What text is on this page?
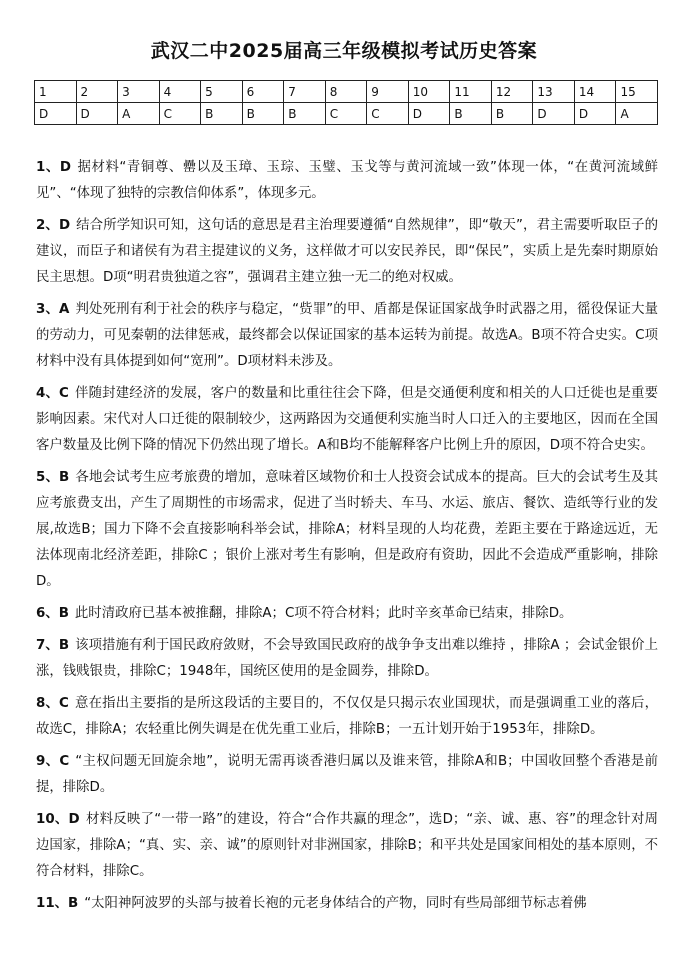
武汉二中2025届高三年级模拟考试历史答案
1	2	3	4	5	6	7	8	9	10	11	12	13	14	15
D	D	A	C	B	B	B	C	C	D	B	B	D	D	A
1、D 据材料“青铜尊、罍以及玉璋、玉琮、玉璧、玉戈等与黄河流域一致”体现一体，“在黄河流域鲜见”、“体现了独特的宗教信仰体系”，体现多元。
2、D 结合所学知识可知，这句话的意思是君主治理要遵循“自然规律”，即“敬天”，君主需要听取臣子的建议，而臣子和诸侯有为君主提建议的义务，这样做才可以安民养民，即“保民”，实质上是先秦时期原始民主思想。D项“明君贵独道之容”，强调君主建立独一无二的绝对权威。
3、A 判处死刑有利于社会的秩序与稳定，“赀罪”的甲、盾都是保证国家战争时武器之用，徭役保证大量的劳动力，可见秦朝的法律惩戒，最终都会以保证国家的基本运转为前提。故选A。B项不符合史实。C项材料中没有具体提到如何“宽刑”。D项材料未涉及。
4、C 伴随封建经济的发展，客户的数量和比重往往会下降，但是交通便利度和相关的人口迁徙也是重要影响因素。宋代对人口迁徙的限制较少，这两路因为交通便利实施当时人口迁入的主要地区，因而在全国客户数量及比例下降的情况下仍然出现了增长。A和B均不能解释客户比例上升的原因，D项不符合史实。
5、B 各地会试考生应考旅费的增加，意味着区域物价和士人投资会试成本的提高。巨大的会试考生及其应考旅费支出，产生了周期性的市场需求，促进了当时轿夫、车马、水运、旅店、餐饮、造纸等行业的发展,故选B；国力下降不会直接影响科举会试，排除A；材料呈现的人均花费，差距主要在于路途远近，无法体现南北经济差距，排除C ；银价上涨对考生有影响，但是政府有资助，因此不会造成严重影响，排除D。
6、B 此时清政府已基本被推翻，排除A；C项不符合材料；此时辛亥革命已结束，排除D。
7、B 该项措施有利于国民政府敛财，不会导致国民政府的战争争支出难以维持 ，排除A ；会试金银价上涨，钱贱银贵，排除C；1948年，国统区使用的是金圆券，排除D。
8、C 意在指出主要指的是所这段话的主要目的，不仅仅是只揭示农业国现状，而是强调重工业的落后，故选C，排除A；农轻重比例失调是在优先重工业后，排除B；一五计划开始于1953年，排除D。
9、C “主权问题无回旋余地”，说明无需再谈香港归属以及谁来管，排除A和B；中国收回整个香港是前提，排除D。
10、D 材料反映了“一带一路”的建设，符合“合作共赢的理念”，选D；“亲、诚、惠、容”的理念针对周边国家，排除A；“真、实、亲、诚”的原则针对非洲国家，排除B；和平共处是国家间相处的基本原则，不符合材料，排除C。
11、B “太阳神阿波罗的头部与披着长袍的元老身体结合的产物，同时有些局部细节标志着佛
